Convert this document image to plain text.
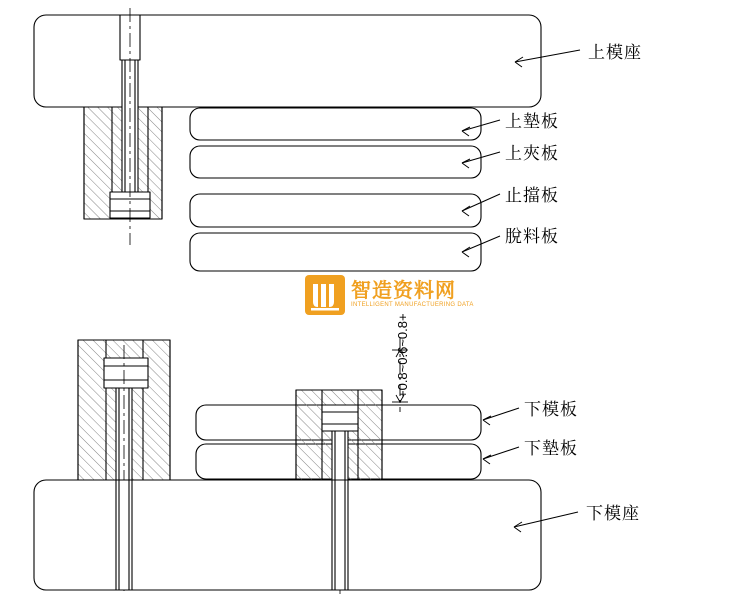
上模座
上墊板
上夾板
止擋板
脫料板
下模板
下墊板
下模座
+0.8~0.6~0.8+
智造资料网
INTELLIGENT MANUFACTUERING DATA
